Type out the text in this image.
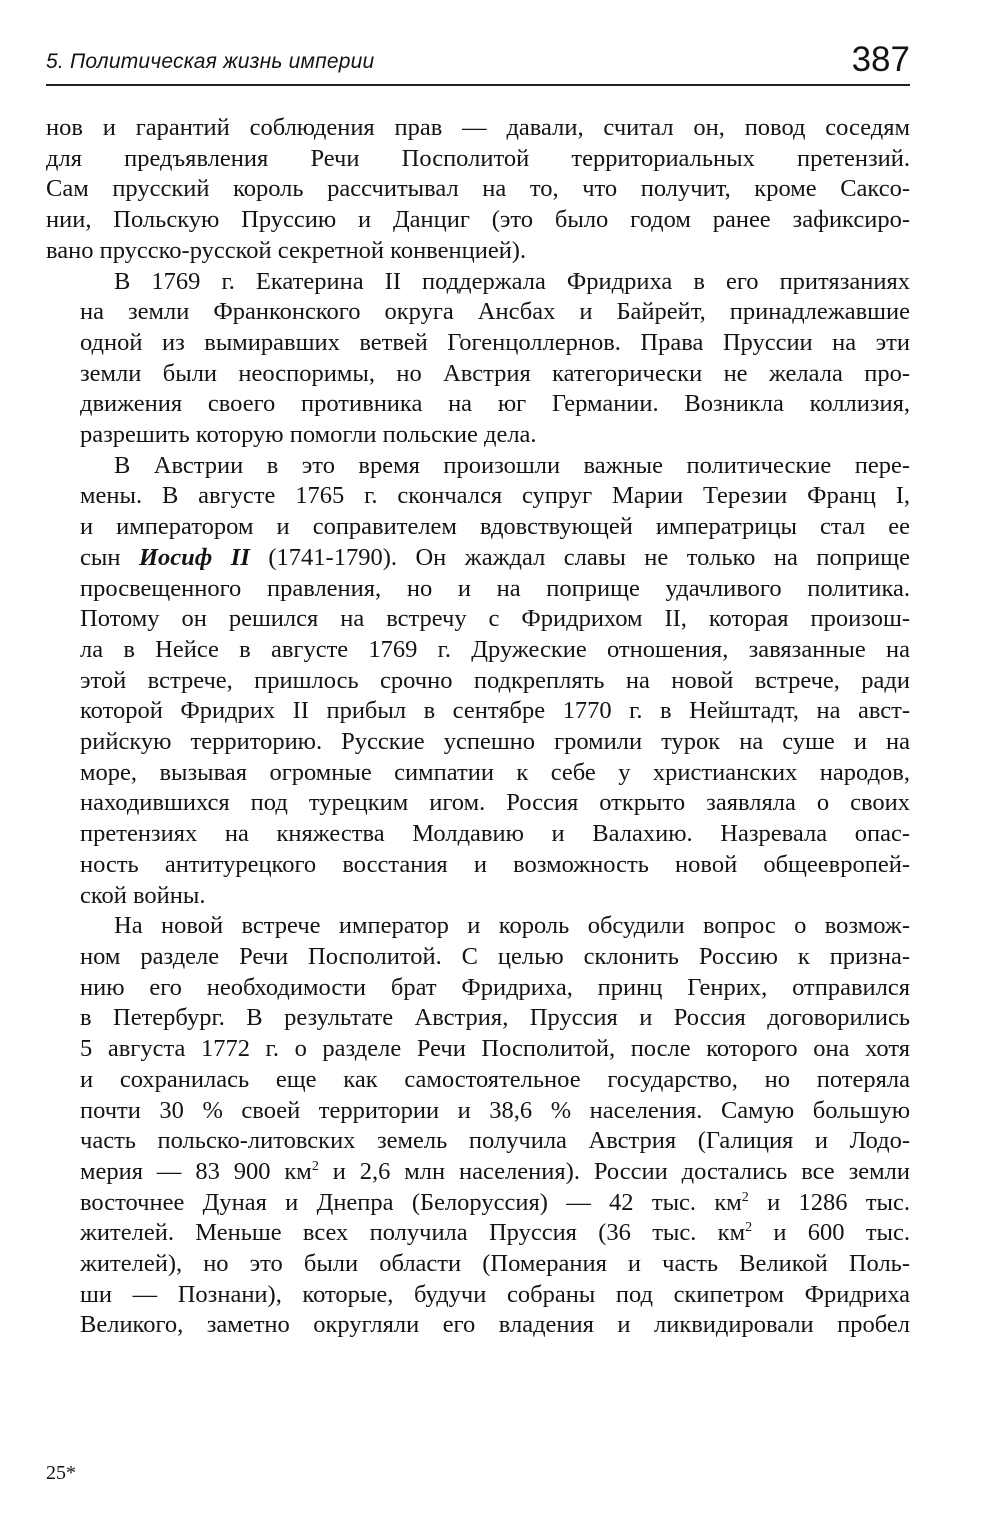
5. Политическая жизнь империи	387
нов и гарантий соблюдения прав — давали, считал он, повод соседям
для предъявления Речи Посполитой территориальных претензий.
Сам прусский король рассчитывал на то, что получит, кроме Саксо-
нии, Польскую Пруссию и Данциг (это было годом ранее зафиксиро-
вано прусско-русской секретной конвенцией).
В 1769 г. Екатерина II поддержала Фридриха в его притязаниях
на земли Франконского округа Ансбах и Байрейт, принадлежавшие
одной из вымиравших ветвей Гогенцоллернов. Права Пруссии на эти
земли были неоспоримы, но Австрия категорически не желала про-
движения своего противника на юг Германии. Возникла коллизия,
разрешить которую помогли польские дела.
В Австрии в это время произошли важные политические пере-
мены. В августе 1765 г. скончался супруг Марии Терезии Франц I,
и императором и соправителем вдовствующей императрицы стал ее
сын Иосиф II (1741-1790). Он жаждал славы не только на поприще
просвещенного правления, но и на поприще удачливого политика.
Потому он решился на встречу с Фридрихом II, которая произош-
ла в Нейсе в августе 1769 г. Дружеские отношения, завязанные на
этой встрече, пришлось срочно подкреплять на новой встрече, ради
которой Фридрих II прибыл в сентябре 1770 г. в Нейштадт, на авст-
рийскую территорию. Русские успешно громили турок на суше и на
море, вызывая огромные симпатии к себе у христианских народов,
находившихся под турецким игом. Россия открыто заявляла о своих
претензиях на княжества Молдавию и Валахию. Назревала опас-
ность антитурецкого восстания и возможность новой общеевропей-
ской войны.
На новой встрече император и король обсудили вопрос о возмож-
ном разделе Речи Посполитой. С целью склонить Россию к призна-
нию его необходимости брат Фридриха, принц Генрих, отправился
в Петербург. В результате Австрия, Пруссия и Россия договорились
5 августа 1772 г. о разделе Речи Посполитой, после которого она хотя
и сохранилась еще как самостоятельное государство, но потеряла
почти 30 % своей территории и 38,6 % населения. Самую большую
часть польско-литовских земель получила Австрия (Галиция и Лодо-
мерия — 83 900 $км^2$ и 2,6 млн населения). России достались все земли
восточнее Дуная и Днепра (Белоруссия) — 42 тыс. $км^2$ и 1286 тыс.
жителей. Меньше всех получила Пруссия (36 тыс. $км^2$ и 600 тыс.
жителей), но это были области (Померания и часть Великой Поль-
ши — Познани), которые, будучи собраны под скипетром Фридриха
Великого, заметно округляли его владения и ликвидировали пробел
25*
